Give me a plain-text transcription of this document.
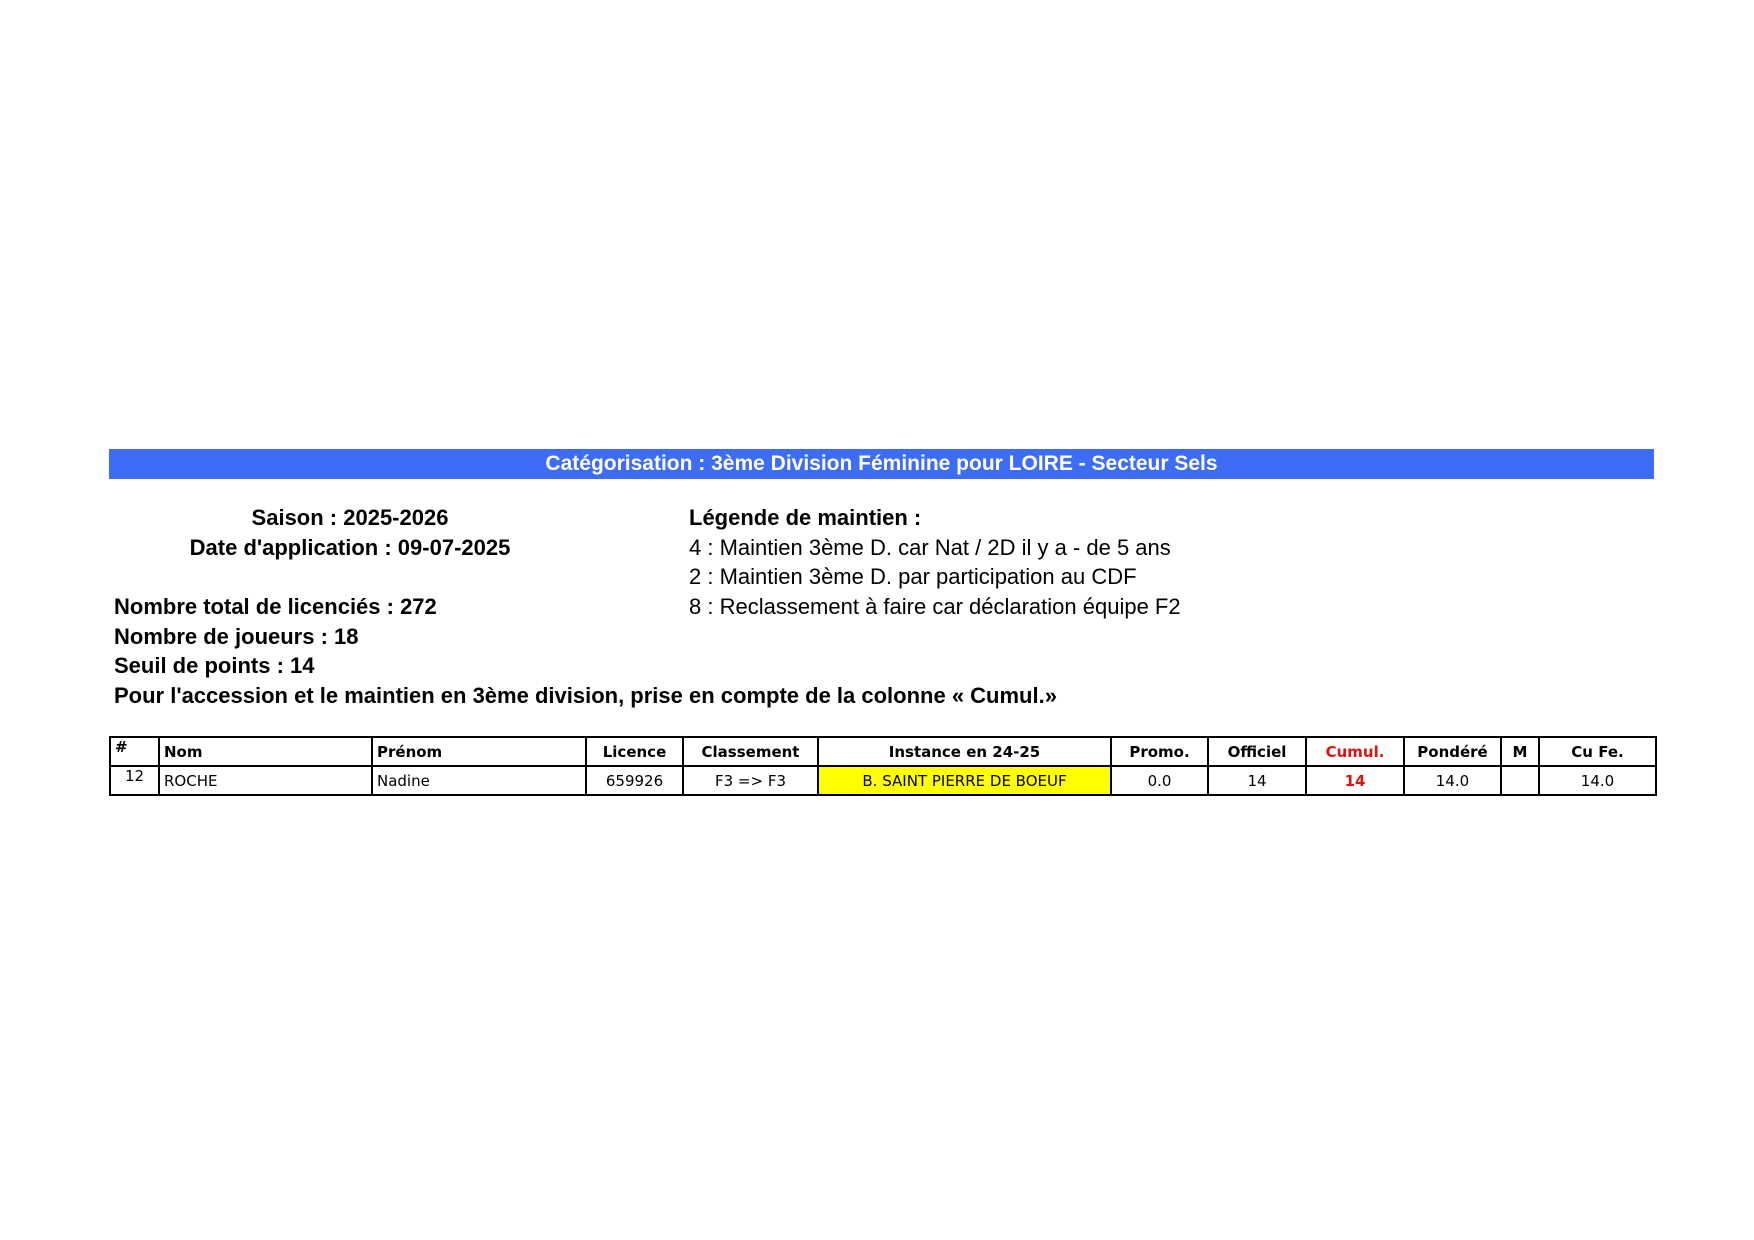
Catégorisation : 3ème Division Féminine pour LOIRE - Secteur Sels
Saison : 2025-2026
Date d'application : 09-07-2025
Nombre total de licenciés : 272
Nombre de joueurs : 18
Seuil de points : 14
Pour l'accession et le maintien en 3ème division, prise en compte de la colonne « Cumul.»
Légende de maintien :
4 : Maintien 3ème D. car Nat / 2D il y a - de 5 ans
2 : Maintien 3ème D. par participation au CDF
8 : Reclassement à faire car déclaration équipe F2
#	Nom	Prénom	Licence	Classement	Instance en 24-25	Promo.	Officiel	Cumul.	Pondéré	M	Cu Fe.
12	ROCHE	Nadine	659926	F3 => F3	B. SAINT PIERRE DE BOEUF	0.0	14	14	14.0		14.0
